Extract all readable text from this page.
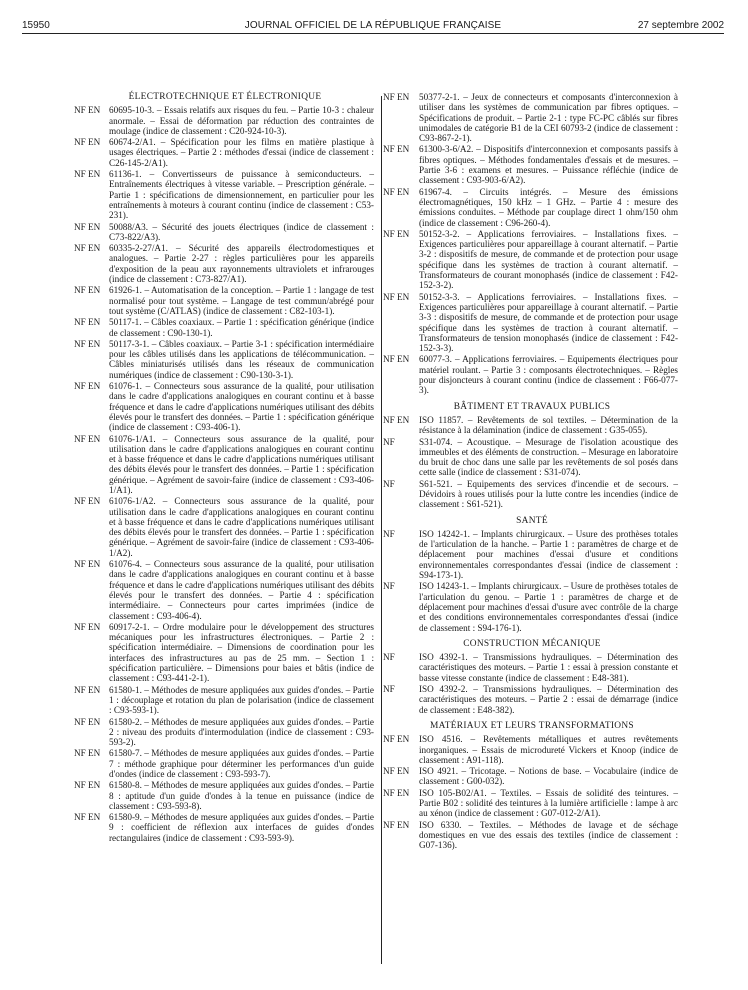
15950	JOURNAL OFFICIEL DE LA RÉPUBLIQUE FRANÇAISE	27 septembre 2002
ÉLECTROTECHNIQUE ET ÉLECTRONIQUE
NF EN 60695-10-3. – Essais relatifs aux risques du feu. – Partie 10-3 : chaleur anormale. – Essai de déformation par réduction des contraintes de moulage (indice de classement : C20-924-10-3).
NF EN 60674-2/A1. – Spécification pour les films en matière plastique à usages électriques. – Partie 2 : méthodes d'essai (indice de classement : C26-145-2/A1).
NF EN 61136-1. – Convertisseurs de puissance à semiconducteurs. – Entraînements électriques à vitesse variable. – Prescription générale. – Partie 1 : spécifications de dimensionnement, en particulier pour les entraînements à moteurs à courant continu (indice de classement : C53-231).
NF EN 50088/A3. – Sécurité des jouets électriques (indice de classement : C73-822/A3).
NF EN 60335-2-27/A1. – Sécurité des appareils électrodomestiques et analogues. – Partie 2-27 : règles particulières pour les appareils d'exposition de la peau aux rayonnements ultraviolets et infrarouges (indice de classement : C73-827/A1).
NF EN 61926-1. – Automatisation de la conception. – Partie 1 : langage de test normalisé pour tout système. – Langage de test commun/abrégé pour tout système (C/ATLAS) (indice de classement : C82-103-1).
NF EN 50117-1. – Câbles coaxiaux. – Partie 1 : spécification générique (indice de classement : C90-130-1).
NF EN 50117-3-1. – Câbles coaxiaux. – Partie 3-1 : spécification intermédiaire pour les câbles utilisés dans les applications de télécommunication. – Câbles miniaturisés utilisés dans les réseaux de communication numériques (indice de classement : C90-130-3-1).
NF EN 61076-1. – Connecteurs sous assurance de la qualité, pour utilisation dans le cadre d'applications analogiques en courant continu et à basse fréquence et dans le cadre d'applications numériques utilisant des débits élevés pour le transfert des données. – Partie 1 : spécification générique (indice de classement : C93-406-1).
NF EN 61076-1/A1. – Connecteurs sous assurance de la qualité, pour utilisation dans le cadre d'applications analogiques en courant continu et à basse fréquence et dans le cadre d'applications numériques utilisant des débits élevés pour le transfert des données. – Partie 1 : spécification générique. – Agrément de savoir-faire (indice de classement : C93-406-1/A1).
NF EN 61076-1/A2. – Connecteurs sous assurance de la qualité, pour utilisation dans le cadre d'applications analogiques en courant continu et à basse fréquence et dans le cadre d'applications numériques utilisant des débits élevés pour le transfert des données. – Partie 1 : spécification générique. – Agrément de savoir-faire (indice de classement : C93-406-1/A2).
NF EN 61076-4. – Connecteurs sous assurance de la qualité, pour utilisation dans le cadre d'applications analogiques en courant continu et à basse fréquence et dans le cadre d'applications numériques utilisant des débits élevés pour le transfert des données. – Partie 4 : spécification intermédiaire. – Connecteurs pour cartes imprimées (indice de classement : C93-406-4).
NF EN 60917-2-1. – Ordre modulaire pour le développement des structures mécaniques pour les infrastructures électroniques. – Partie 2 : spécification intermédiaire. – Dimensions de coordination pour les interfaces des infrastructures au pas de 25 mm. – Section 1 : spécification particulière. – Dimensions pour baies et bâtis (indice de classement : C93-441-2-1).
NF EN 61580-1. – Méthodes de mesure appliquées aux guides d'ondes. – Partie 1 : découplage et rotation du plan de polarisation (indice de classement : C93-593-1).
NF EN 61580-2. – Méthodes de mesure appliquées aux guides d'ondes. – Partie 2 : niveau des produits d'intermodulation (indice de classement : C93-593-2).
NF EN 61580-7. – Méthodes de mesure appliquées aux guides d'ondes. – Partie 7 : méthode graphique pour déterminer les performances d'un guide d'ondes (indice de classement : C93-593-7).
NF EN 61580-8. – Méthodes de mesure appliquées aux guides d'ondes. – Partie 8 : aptitude d'un guide d'ondes à la tenue en puissance (indice de classement : C93-593-8).
NF EN 61580-9. – Méthodes de mesure appliquées aux guides d'ondes. – Partie 9 : coefficient de réflexion aux interfaces de guides d'ondes rectangulaires (indice de classement : C93-593-9).
NF EN 50377-2-1. – Jeux de connecteurs et composants d'interconnexion à utiliser dans les systèmes de communication par fibres optiques. – Spécifications de produit. – Partie 2-1 : type FC-PC câblés sur fibres unimodales de catégorie B1 de la CEI 60793-2 (indice de classement : C93-867-2-1).
NF EN 61300-3-6/A2. – Dispositifs d'interconnexion et composants passifs à fibres optiques. – Méthodes fondamentales d'essais et de mesures. – Partie 3-6 : examens et mesures. – Puissance réfléchie (indice de classement : C93-903-6/A2).
NF EN 61967-4. – Circuits intégrés. – Mesure des émissions électromagnétiques, 150 kHz – 1 GHz. – Partie 4 : mesure des émissions conduites. – Méthode par couplage direct 1 ohm/150 ohm (indice de classement : C96-260-4).
NF EN 50152-3-2. – Applications ferroviaires. – Installations fixes. – Exigences particulières pour appareillage à courant alternatif. – Partie 3-2 : dispositifs de mesure, de commande et de protection pour usage spécifique dans les systèmes de traction à courant alternatif. – Transformateurs de courant monophasés (indice de classement : F42-152-3-2).
NF EN 50152-3-3. – Applications ferroviaires. – Installations fixes. – Exigences particulières pour appareillage à courant alternatif. – Partie 3-3 : dispositifs de mesure, de commande et de protection pour usage spécifique dans les systèmes de traction à courant alternatif. – Transformateurs de tension monophasés (indice de classement : F42-152-3-3).
NF EN 60077-3. – Applications ferroviaires. – Equipements électriques pour matériel roulant. – Partie 3 : composants électrotechniques. – Règles pour disjoncteurs à courant continu (indice de classement : F66-077-3).
BÂTIMENT ET TRAVAUX PUBLICS
NF EN ISO 11857. – Revêtements de sol textiles. – Détermination de la résistance à la délamination (indice de classement : G35-055).
NF	S31-074. – Acoustique. – Mesurage de l'isolation acoustique des immeubles et des éléments de construction. – Mesurage en laboratoire du bruit de choc dans une salle par les revêtements de sol posés dans cette salle (indice de classement : S31-074).
NF	S61-521. – Equipements des services d'incendie et de secours. – Dévidoirs à roues utilisés pour la lutte contre les incendies (indice de classement : S61-521).
SANTÉ
NF	ISO 14242-1. – Implants chirurgicaux. – Usure des prothèses totales de l'articulation de la hanche. – Partie 1 : paramètres de charge et de déplacement pour machines d'essai d'usure et conditions environnementales correspondantes d'essai (indice de classement : S94-173-1).
NF	ISO 14243-1. – Implants chirurgicaux. – Usure de prothèses totales de l'articulation du genou. – Partie 1 : paramètres de charge et de déplacement pour machines d'essai d'usure avec contrôle de la charge et des conditions environnementales correspondantes d'essai (indice de classement : S94-176-1).
CONSTRUCTION MÉCANIQUE
NF	ISO 4392-1. – Transmissions hydrauliques. – Détermination des caractéristiques des moteurs. – Partie 1 : essai à pression constante et basse vitesse constante (indice de classement : E48-381).
NF	ISO 4392-2. – Transmissions hydrauliques. – Détermination des caractéristiques des moteurs. – Partie 2 : essai de démarrage (indice de classement : E48-382).
MATÉRIAUX ET LEURS TRANSFORMATIONS
NF EN ISO 4516. – Revêtements métalliques et autres revêtements inorganiques. – Essais de microdureté Vickers et Knoop (indice de classement : A91-118).
NF EN ISO 4921. – Tricotage. – Notions de base. – Vocabulaire (indice de classement : G00-032).
NF EN ISO 105-B02/A1. – Textiles. – Essais de solidité des teintures. – Partie B02 : solidité des teintures à la lumière artificielle : lampe à arc au xénon (indice de classement : G07-012-2/A1).
NF EN ISO 6330. – Textiles. – Méthodes de lavage et de séchage domestiques en vue des essais des textiles (indice de classement : G07-136).
